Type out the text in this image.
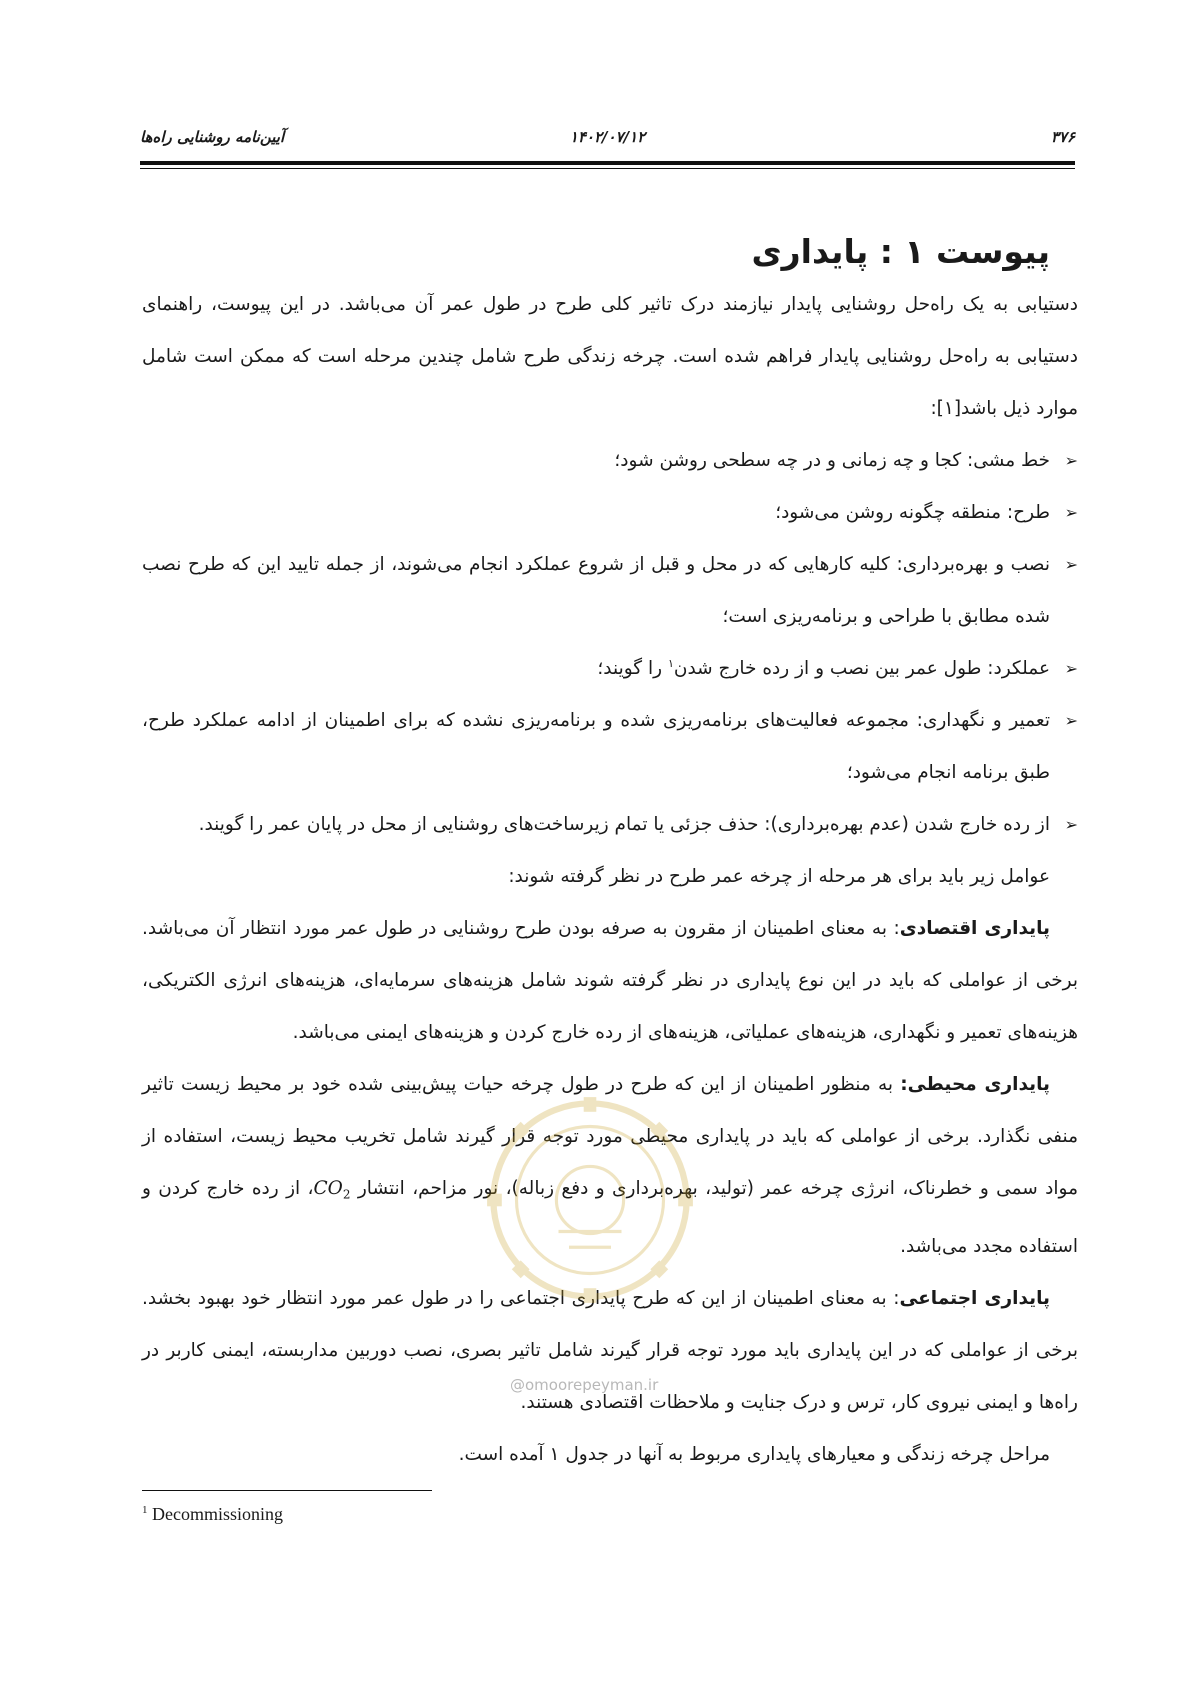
۳۷۶
۱۴۰۲/۰۷/۱۲
آیین‌نامه روشنایی راه‌ها
پیوست ۱ : پایداری

دستیابی به یک راه‌حل روشنایی پایدار نیازمند درک تاثیر کلی طرح در طول عمر آن می‌باشد. در این پیوست، راهنمای دستیابی به راه‌حل روشنایی پایدار فراهم شده است. چرخه زندگی طرح شامل چندین مرحله است که ممکن است شامل موارد ذیل باشد[۱]:

➢ خط مشی: کجا و چه زمانی و در چه سطحی روشن شود؛
➢ طرح: منطقه چگونه روشن می‌شود؛
➢ نصب و بهره‌برداری: کلیه کارهایی که در محل و قبل از شروع عملکرد انجام می‌شوند، از جمله تایید این که طرح نصب شده مطابق با طراحی و برنامه‌ریزی است؛
➢ عملکرد: طول عمر بین نصب و از رده خارج شدن$^۱$ را گویند؛
➢ تعمیر و نگهداری: مجموعه فعالیت‌های برنامه‌ریزی شده و برنامه‌ریزی نشده که برای اطمینان از ادامه عملکرد طرح، طبق برنامه انجام می‌شود؛
➢ از رده خارج شدن (عدم بهره‌برداری): حذف جزئی یا تمام زیرساخت‌های روشنایی از محل در پایان عمر را گویند.

عوامل زیر باید برای هر مرحله از چرخه عمر طرح در نظر گرفته شوند:

پایداری اقتصادی: به معنای اطمینان از مقرون به صرفه بودن طرح روشنایی در طول عمر مورد انتظار آن می‌باشد. برخی از عواملی که باید در این نوع پایداری در نظر گرفته شوند شامل هزینه‌های سرمایه‌ای، هزینه‌های انرژی الکتریکی، هزینه‌های تعمیر و نگهداری، هزینه‌های عملیاتی، هزینه‌های از رده خارج کردن و هزینه‌های ایمنی می‌باشد.

پایداری محیطی: به منظور اطمینان از این که طرح در طول چرخه حیات پیش‌بینی شده خود بر محیط زیست تاثیر منفی نگذارد. برخی از عواملی که باید در پایداری محیطی مورد توجه قرار گیرند شامل تخریب محیط زیست، استفاده از مواد سمی و خطرناک، انرژی چرخه عمر (تولید، بهره‌برداری و دفع زباله)، نور مزاحم، انتشار $CO_2،$ از رده خارج کردن و استفاده مجدد می‌باشد.

پایداری اجتماعی: به معنای اطمینان از این که طرح پایداری اجتماعی را در طول عمر مورد انتظار خود بهبود بخشد. برخی از عواملی که در این پایداری باید مورد توجه قرار گیرند شامل تاثیر بصری، نصب دوربین مداربسته، ایمنی کاربر در راه‌ها و ایمنی نیروی کار، ترس و درک جنایت و ملاحظات اقتصادی هستند.

مراحل چرخه زندگی و معیارهای پایداری مربوط به آنها در جدول ۱ آمده است.

@omoorepeyman.ir
$^1$ Decommissioning
